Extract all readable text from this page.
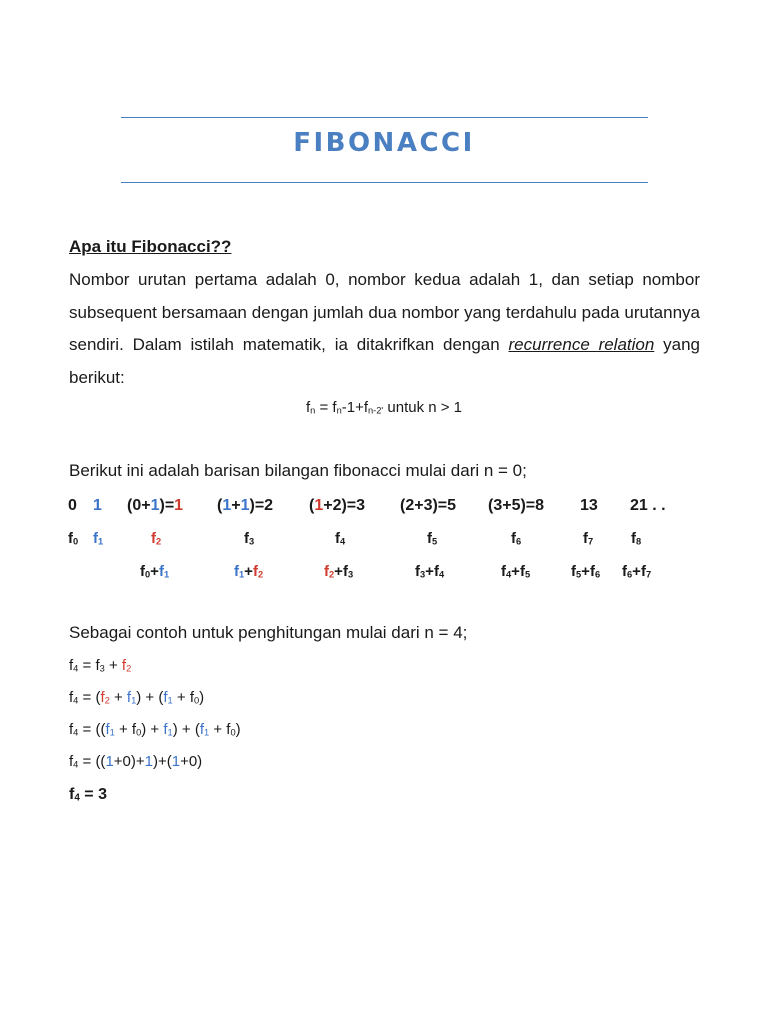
FIBONACCI
Apa itu Fibonacci??
Nombor urutan pertama adalah 0, nombor kedua adalah 1, dan setiap nombor subsequent bersamaan dengan jumlah dua nombor yang terdahulu pada urutannya sendiri. Dalam istilah matematik, ia ditakrifkan dengan recurrence relation yang berikut:
$f_n = f_n-1+f_{n-2'}$ untuk n > 1
Berikut ini adalah barisan bilangan fibonacci mulai dari n = 0;
0 1 (0+1)=1 (1+1)=2 (1+2)=3 (2+3)=5 (3+5)=8 13 21 . .
$f_0$ $f_1$	$f_2$	$f_3$	$f_4$	$f_5$	$f_6$	$f_7$	$f_8$
$f_0+f_1$	$f_1+f_2$	$f_2+f_3$	$f_3+f_4$	$f_4+f_5$	$f_5+f_6$ $f_6+f_7$
Sebagai contoh untuk penghitungan mulai dari n = 4;
$f_4 = f_3 + f_2$
$f_4 = (f_2 + f_1) + (f_1 + f_0)$
$f_4 = ((f_1 + f_0) + f_1) + (f_1 + f_0)$
$f_4 = ((1+0)+1)+(1+0)$
$f_4 = 3$
